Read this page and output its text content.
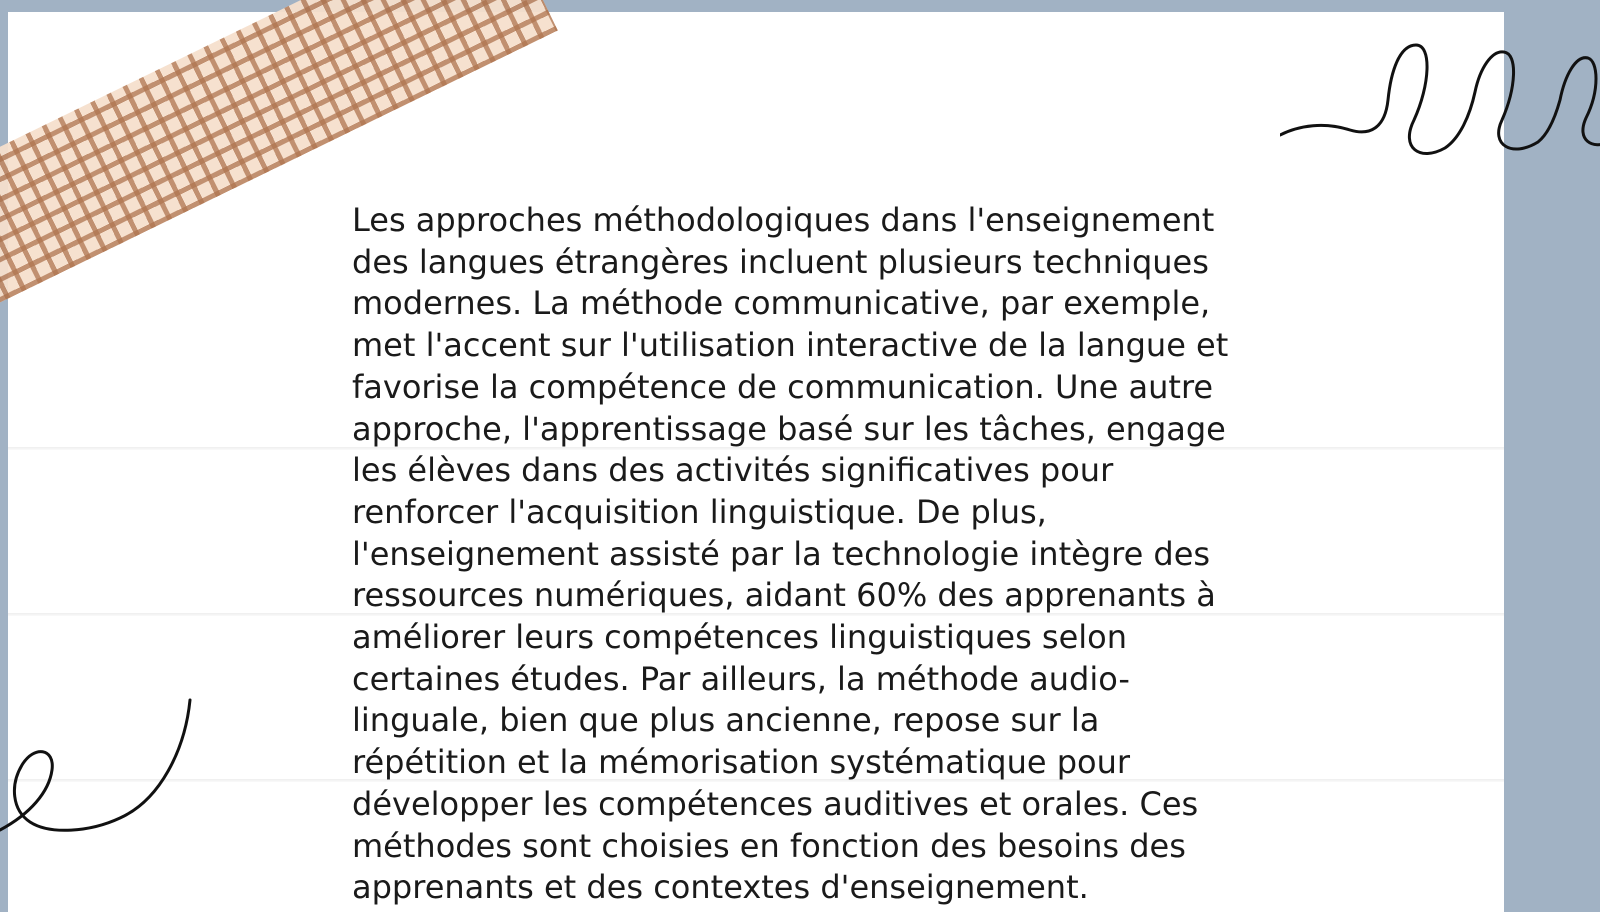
Les approches méthodologiques dans l'enseignement des langues étrangères incluent plusieurs techniques modernes. La méthode communicative, par exemple, met l'accent sur l'utilisation interactive de la langue et favorise la compétence de communication. Une autre approche, l'apprentissage basé sur les tâches, engage les élèves dans des activités significatives pour renforcer l'acquisition linguistique. De plus, l'enseignement assisté par la technologie intègre des ressources numériques, aidant 60% des apprenants à améliorer leurs compétences linguistiques selon certaines études. Par ailleurs, la méthode audio-linguale, bien que plus ancienne, repose sur la répétition et la mémorisation systématique pour développer les compétences auditives et orales. Ces méthodes sont choisies en fonction des besoins des apprenants et des contextes d'enseignement.
